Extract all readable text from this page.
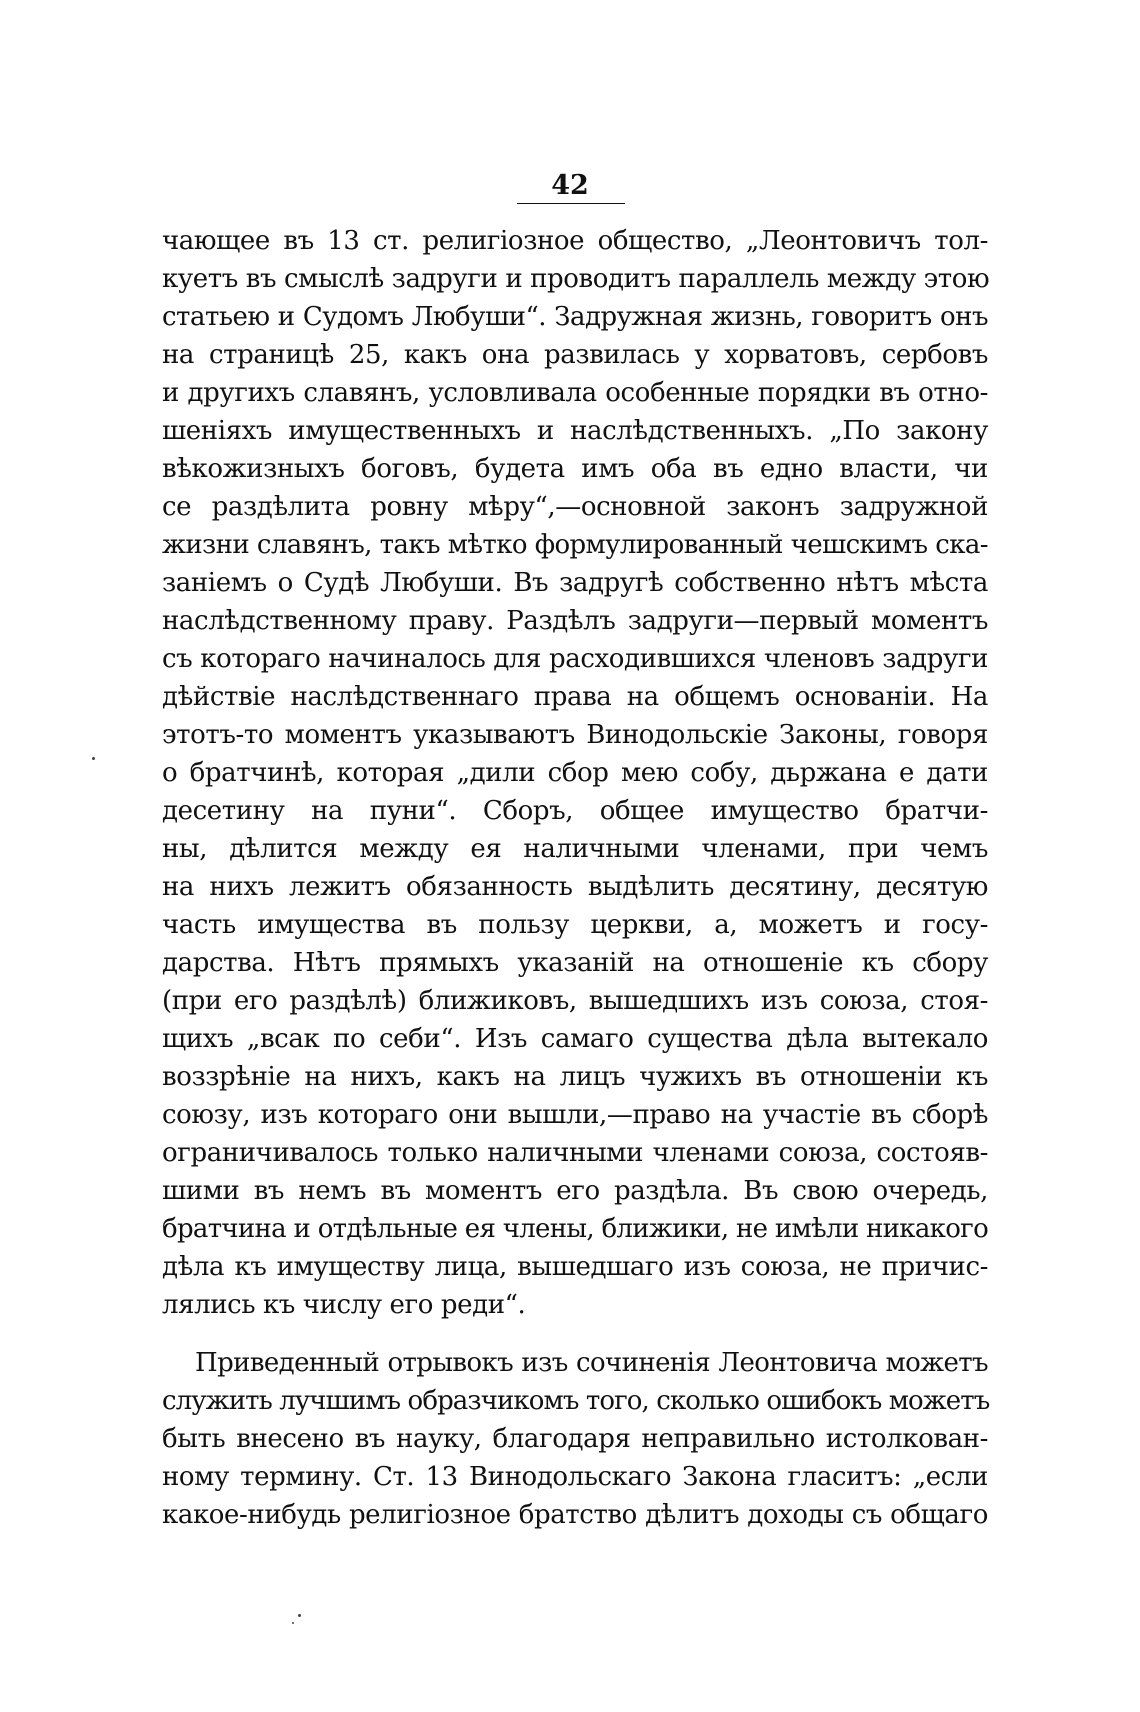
42
чающее въ 13 ст. религіозное общество, „Леонтовичъ тол-
куетъ въ смыслѣ задруги и проводитъ параллель между этою
статьею и Судомъ Любуши“. Задружная жизнь, говоритъ онъ
на страницѣ 25, какъ она развилась у хорватовъ, сербовъ
и другихъ славянъ, условливала особенные порядки въ отно-
шеніяхъ имущественныхъ и наслѣдственныхъ. „По закону
вѣкожизныхъ боговъ, будета имъ оба въ едно власти, чи
се раздѣлита ровну мѣру“,—основной законъ задружной
жизни славянъ, такъ мѣтко формулированный чешскимъ ска-
заніемъ о Судѣ Любуши. Въ задругѣ собственно нѣтъ мѣста
наслѣдственному праву. Раздѣлъ задруги—первый моментъ
съ котораго начиналось для расходившихся членовъ задруги
дѣйствіе наслѣдственнаго права на общемъ основаніи. На
этотъ-то моментъ указываютъ Винодольскіе Законы, говоря
о братчинѣ, которая „дили сбор мею собу, дьржана е дати
десетину на пуни“. Сборъ, общее имущество братчи-
ны, дѣлится между ея наличными членами, при чемъ
на нихъ лежитъ обязанность выдѣлить десятину, десятую
часть имущества въ пользу церкви, а, можетъ и госу-
дарства. Нѣтъ прямыхъ указаній на отношеніе къ сбору
(при его раздѣлѣ) ближиковъ, вышедшихъ изъ союза, стоя-
щихъ „всак по себи“. Изъ самаго существа дѣла вытекало
воззрѣніе на нихъ, какъ на лицъ чужихъ въ отношеніи къ
союзу, изъ котораго они вышли,—право на участіе въ сборѣ
ограничивалось только наличными членами союза, состояв-
шими въ немъ въ моментъ его раздѣла. Въ свою очередь,
братчина и отдѣльные ея члены, ближики, не имѣли никакого
дѣла къ имуществу лица, вышедшаго изъ союза, не причис-
лялись къ числу его реди“.
Приведенный отрывокъ изъ сочиненія Леонтовича можетъ
служить лучшимъ образчикомъ того, сколько ошибокъ можетъ
быть внесено въ науку, благодаря неправильно истолкован-
ному термину. Ст. 13 Винодольскаго Закона гласитъ: „если
какое-нибудь религіозное братство дѣлитъ доходы съ общаго
